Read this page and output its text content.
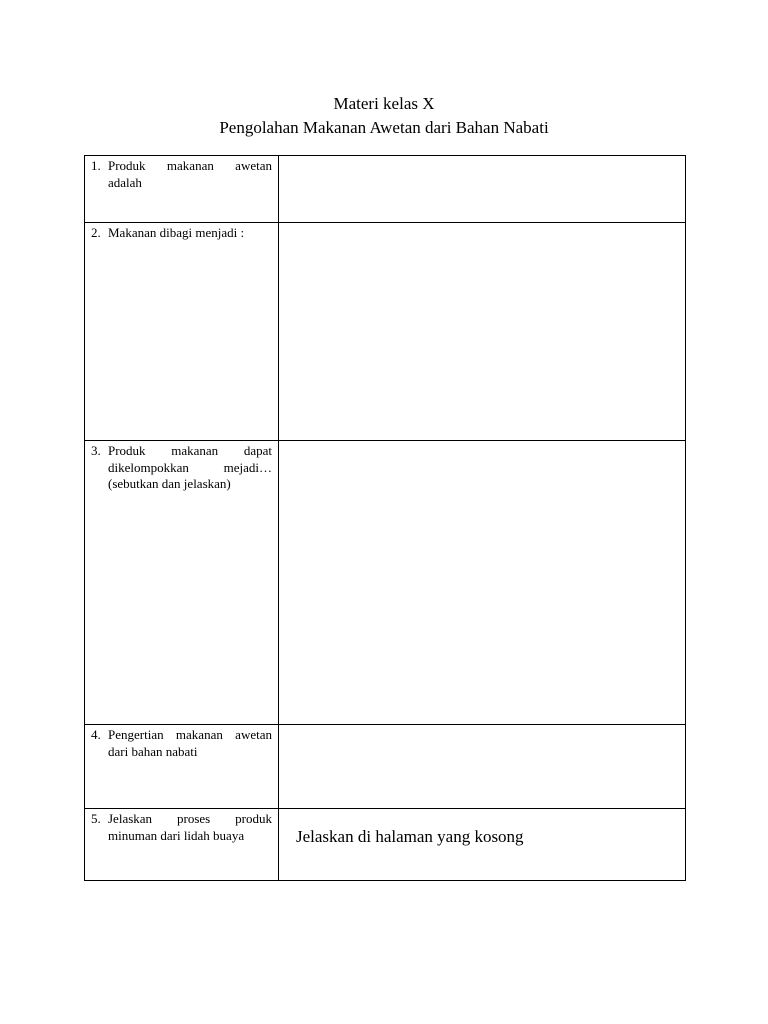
Materi kelas X
Pengolahan Makanan Awetan dari Bahan Nabati
1. Produk makanan awetan adalah	

2. Makanan dibagi menjadi :	

3. Produk makanan dapat dikelompokkan mejadi… (sebutkan dan jelaskan)	

4. Pengertian makanan awetan dari bahan nabati	

5. Jelaskan proses produk minuman dari lidah buaya	Jelaskan di halaman yang kosong
